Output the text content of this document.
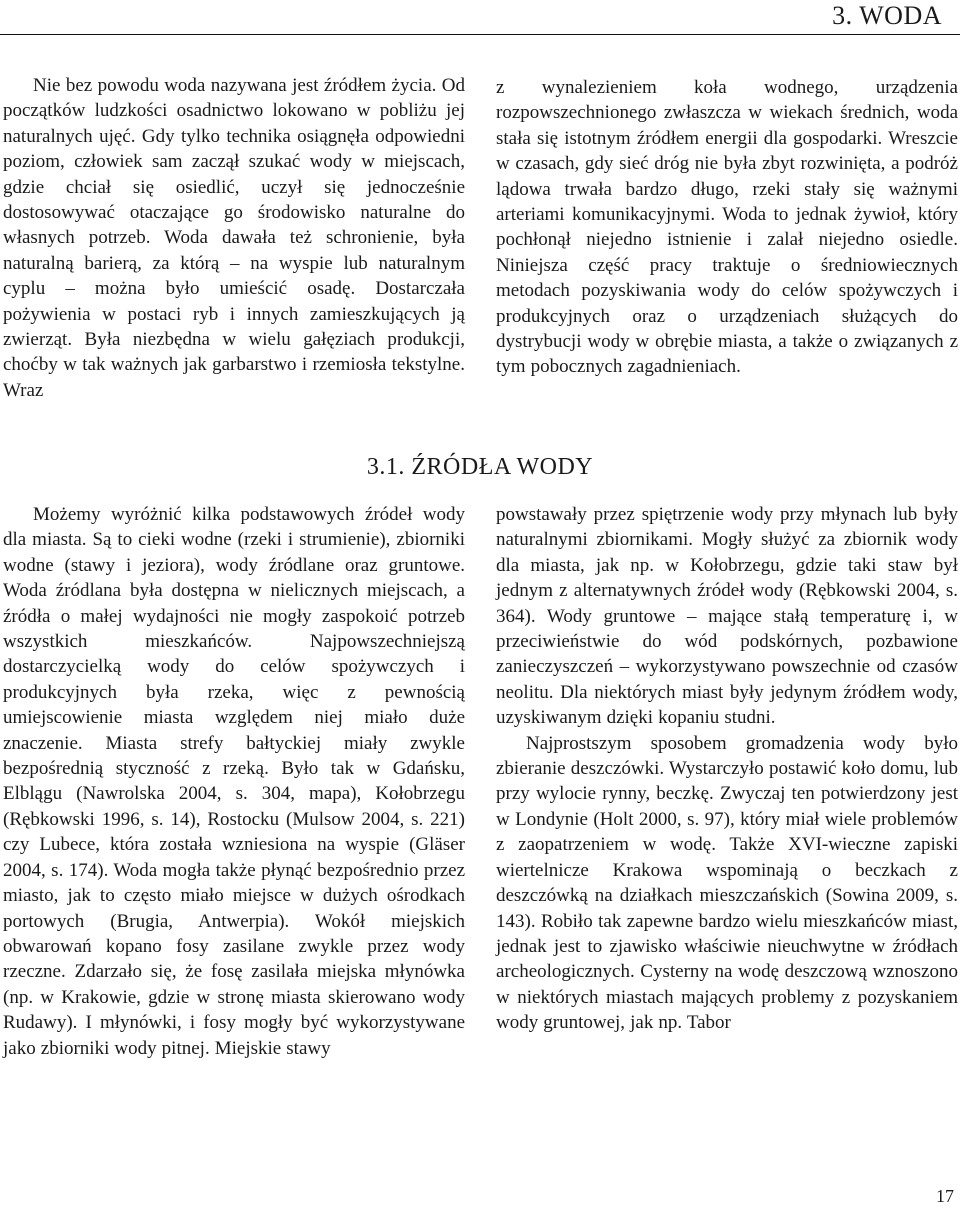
3. WODA

Nie bez powodu woda nazywana jest źródłem życia. Od początków ludzkości osadnictwo lokowano w pobliżu jej naturalnych ujęć. Gdy tylko technika osiągnęła odpowiedni poziom, człowiek sam zaczął szukać wody w miejscach, gdzie chciał się osiedlić, uczył się jednocześnie dostosowywać otaczające go środowisko naturalne do własnych potrzeb. Woda dawała też schronienie, była naturalną barierą, za którą – na wyspie lub naturalnym cyplu – można było umieścić osadę. Dostarczała pożywienia w postaci ryb i innych zamieszkujących ją zwierząt. Była niezbędna w wielu gałęziach produkcji, choćby w tak ważnych jak garbarstwo i rzemiosła tekstylne. Wraz

z wynalezieniem koła wodnego, urządzenia rozpowszechnionego zwłaszcza w wiekach średnich, woda stała się istotnym źródłem energii dla gospodarki. Wreszcie w czasach, gdy sieć dróg nie była zbyt rozwinięta, a podróż lądowa trwała bardzo długo, rzeki stały się ważnymi arteriami komunikacyjnymi. Woda to jednak żywioł, który pochłonął niejedno istnienie i zalał niejedno osiedle. Niniejsza część pracy traktuje o średniowiecznych metodach pozyskiwania wody do celów spożywczych i produkcyjnych oraz o urządzeniach służących do dystrybucji wody w obrębie miasta, a także o związanych z tym pobocznych zagadnieniach.

3.1. ŹRÓDŁA WODY

Możemy wyróżnić kilka podstawowych źródeł wody dla miasta. Są to cieki wodne (rzeki i strumienie), zbiorniki wodne (stawy i jeziora), wody źródlane oraz gruntowe. Woda źródlana była dostępna w nielicznych miejscach, a źródła o małej wydajności nie mogły zaspokoić potrzeb wszystkich mieszkańców. Najpowszechniejszą dostarczycielką wody do celów spożywczych i produkcyjnych była rzeka, więc z pewnością umiejscowienie miasta względem niej miało duże znaczenie. Miasta strefy bałtyckiej miały zwykle bezpośrednią styczność z rzeką. Było tak w Gdańsku, Elblągu (Nawrolska 2004, s. 304, mapa), Kołobrzegu (Rębkowski 1996, s. 14), Rostocku (Mulsow 2004, s. 221) czy Lubece, która została wzniesiona na wyspie (Gläser 2004, s. 174). Woda mogła także płynąć bezpośrednio przez miasto, jak to często miało miejsce w dużych ośrodkach portowych (Brugia, Antwerpia). Wokół miejskich obwarowań kopano fosy zasilane zwykle przez wody rzeczne. Zdarzało się, że fosę zasilała miejska młynówka (np. w Krakowie, gdzie w stronę miasta skierowano wody Rudawy). I młynówki, i fosy mogły być wykorzystywane jako zbiorniki wody pitnej. Miejskie stawy

powstawały przez spiętrzenie wody przy młynach lub były naturalnymi zbiornikami. Mogły służyć za zbiornik wody dla miasta, jak np. w Kołobrzegu, gdzie taki staw był jednym z alternatywnych źródeł wody (Rębkowski 2004, s. 364). Wody gruntowe – mające stałą temperaturę i, w przeciwieństwie do wód podskórnych, pozbawione zanieczyszczeń – wykorzystywano powszechnie od czasów neolitu. Dla niektórych miast były jedynym źródłem wody, uzyskiwanym dzięki kopaniu studni.

Najprostszym sposobem gromadzenia wody było zbieranie deszczówki. Wystarczyło postawić koło domu, lub przy wylocie rynny, beczkę. Zwyczaj ten potwierdzony jest w Londynie (Holt 2000, s. 97), który miał wiele problemów z zaopatrzeniem w wodę. Także XVI-wieczne zapiski wiertelnicze Krakowa wspominają o beczkach z deszczówką na działkach mieszczańskich (Sowina 2009, s. 143). Robiło tak zapewne bardzo wielu mieszkańców miast, jednak jest to zjawisko właściwie nieuchwytne w źródłach archeologicznych. Cysterny na wodę deszczową wznoszono w niektórych miastach mających problemy z pozyskaniem wody gruntowej, jak np. Tabor

17
